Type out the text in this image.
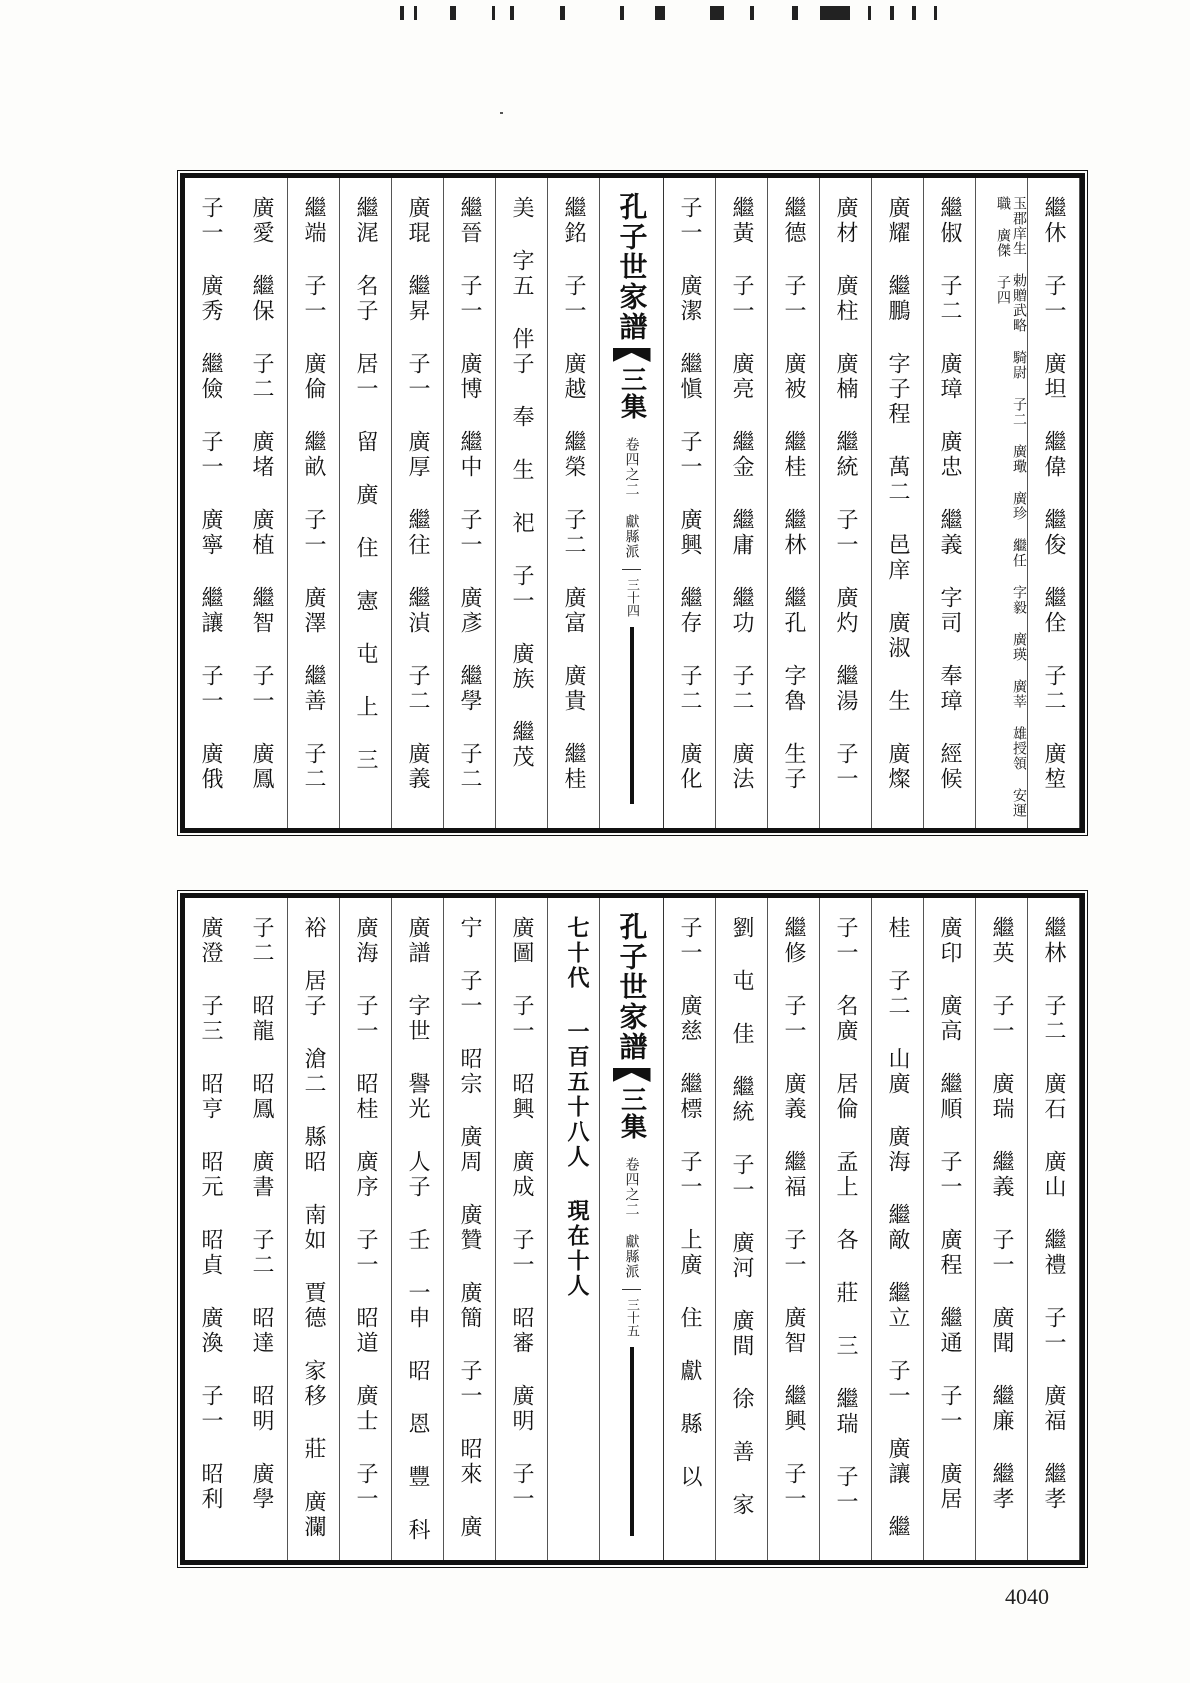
繼休 子一 廣坦 繼偉 繼俊 繼佺 子二 廣堏
玉郡庠生 勅贈武略 騎尉 子二 廣璥 廣珍 繼任 字毅 廣瑛 廣莘 雄授領 安運職 廣傑 子四
繼俶 子二 廣璋 廣忠 繼義 字司 奉璋 經候
廣耀 繼鵬 字子程 萬二 邑庠 廣淑 生 廣燦
廣材 廣柱 廣楠 繼統 子一 廣灼 繼湯 子一
繼德 子一 廣被 繼桂 繼林 繼孔 字魯 生子
繼黃 子一 廣亮 繼金 繼庸 繼功 子二 廣法
子一 廣潔 繼愼 子一 廣興 繼存 子二 廣化
孔子世家譜
三集 卷四之二 獻縣派
三十四
繼銘 子一 廣越 繼榮 子二 廣富 廣貴 繼桂
美 字五 伴子 奉 生 祀 子一 廣族 繼茂
繼晉 子一 廣博 繼中 子一 廣彥 繼學 子二
廣琨 繼昇 子一 廣厚 繼往 繼湞 子二 廣義
繼浘 名子 居一 留 廣 住 憲 屯 上 三
繼端 子一 廣倫 繼畝 子一 廣澤 繼善 子二
廣愛 繼保 子二 廣堵 廣植 繼智 子一 廣鳳
子一 廣秀 繼儉 子一 廣寧 繼讓 子一 廣俄
繼林 子二 廣石 廣山 繼禮 子一 廣福 繼孝
繼英 子一 廣瑞 繼義 子一 廣聞 繼廉 繼孝
廣印 廣高 繼順 子一 廣程 繼通 子一 廣居
桂 子二 山廣 廣海 繼敵 繼立 子一 廣讓 繼
子一 名廣 居倫 孟上 各 莊 三 繼瑞 子一
繼修 子一 廣義 繼福 子一 廣智 繼興 子一
劉 屯 佳 繼統 子一 廣河 廣間 徐 善 家
子一 廣慈 繼標 子一 上廣 住 獻 縣 以
孔子世家譜
三集 卷四之二 獻縣派
三十五
七十代 一百五十八人 現在十人
廣圖 子一 昭興 廣成 子一 昭審 廣明 子一
宁 子一 昭宗 廣周 廣贊 廣簡 子一 昭來 廣
廣譜 字世 譽光 人子 壬 一申 昭 恩 豐 科
廣海 子一 昭桂 廣序 子一 昭道 廣士 子一
裕 居子 滄二 縣昭 南如 賈德 家移 莊 廣瀾
子二 昭龍 昭鳳 廣書 子二 昭達 昭明 廣學
廣澄 子三 昭亨 昭元 昭貞 廣渙 子一 昭利
4040
